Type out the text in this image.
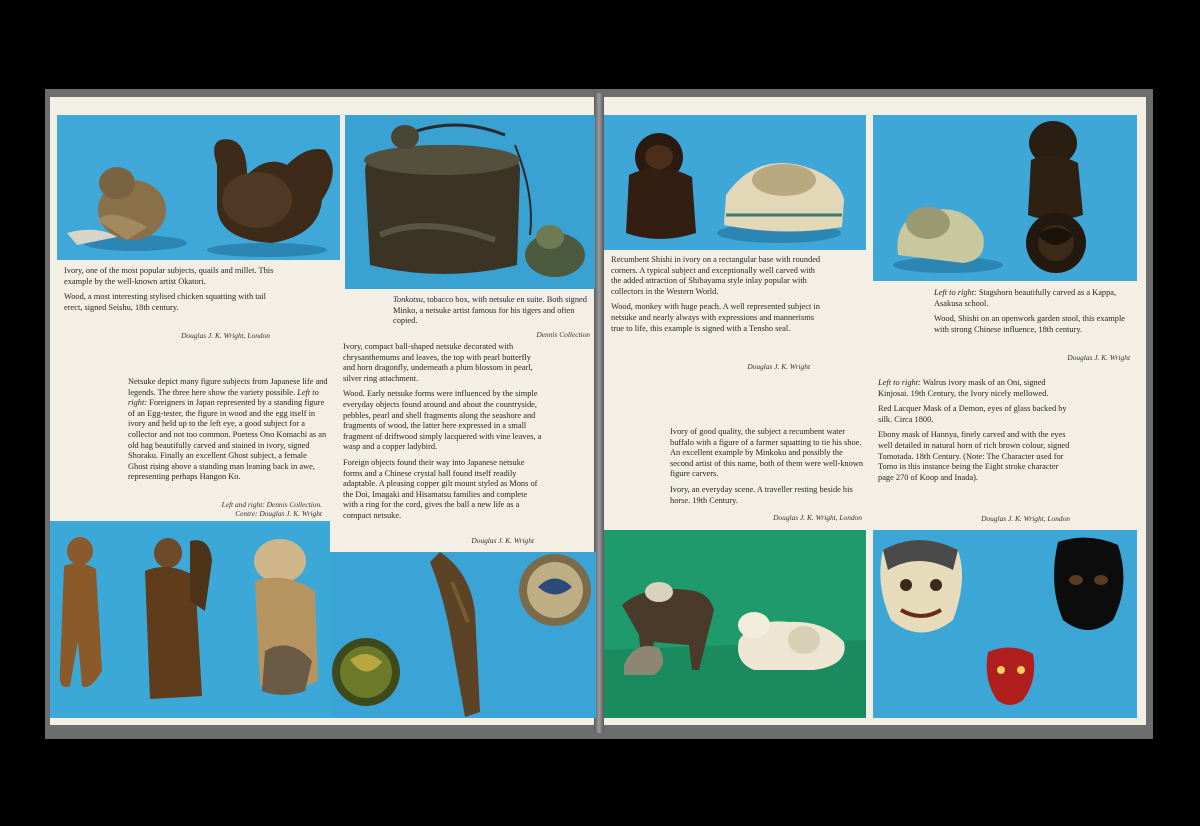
Ivory, one of the most popular subjects, quails and millet. This example by the well-known artist Okatori.

Wood, a most interesting stylised chicken squatting with tail erect, signed Seishu, 18th century.

Douglas J. K. Wright, London
Tonkotsu, tobacco box, with netsuke en suite. Both signed Minko, a netsuke artist famous for his tigers and often copied.
Dennis Collection

Ivory, compact ball-shaped netsuke decorated with chrysanthemums and leaves, the top with pearl butterfly and horn dragonfly, underneath a plum blossom in pearl, silver ring attachment.

Wood. Early netsuke forms were influenced by the simple everyday objects found around and about the countryside, pebbles, pearl and shell fragments along the seashore and fragments of wood, the latter here expressed in a small fragment of driftwood simply lacquered with vine leaves, a wasp and a copper ladybird.

Foreign objects found their way into Japanese netsuke forms and a Chinese crystal ball found itself readily adaptable. A pleasing copper gilt mount styled as Mons of the Doi, Imagaki and Hisamatsu families and complete with a ring for the cord, gives the ball a new life as a compact netsuke.

Douglas J. K. Wright
Netsuke depict many figure subjects from Japanese life and legends. The three here show the variety possible. Left to right: Foreigners in Japan represented by a standing figure of an Egg-tester, the figure in wood and the egg itself in ivory and held up to the left eye, a good subject for a collector and not too common. Poetess Ono Komachi as an old hag beautifully carved and stained in ivory, signed Shoraku. Finally an excellent Ghost subject, a female Ghost rising above a standing man leaning back in awe, representing perhaps Hangon Ko.
Left and right: Dennis Collection.
Centre: Douglas J. K. Wright

Recumbent Shishi in ivory on a rectangular base with rounded corners. A typical subject and exceptionally well carved with the added attraction of Shibayama style inlay popular with collectors in the Western World.

Wood, monkey with huge peach. A well represented subject in netsuke and nearly always with expressions and mannerisms true to life, this example is signed with a Tensho seal.

Douglas J. K. Wright

Left to right: Stagshorn beautifully carved as a Kappa, Asakusa school.

Wood, Shishi on an openwork garden stool, this example with strong Chinese influence, 18th century.

Douglas J. K. Wright

Ivory of good quality, the subject a recumbent water buffalo with a figure of a farmer squatting to tie his shoe. An excellent example by Minkoku and possibly the second artist of this name, both of them were well-known figure carvers.

Ivory, an everyday scene. A traveller resting beside his horse. 19th Century.

Douglas J. K. Wright, London

Left to right: Walrus ivory mask of an Oni, signed Kinjosai. 19th Century, the Ivory nicely mellowed.

Red Lacquer Mask of a Demon, eyes of glass backed by silk. Circa 1800.

Ebony mask of Hannya, finely carved and with the eyes well detailed in natural horn of rich brown colour, signed Tomotada. 18th Century. (Note: The Character used for Tomo in this instance being the Eight stroke character page 270 of Koop and Inada).

Douglas J. K. Wright, London
